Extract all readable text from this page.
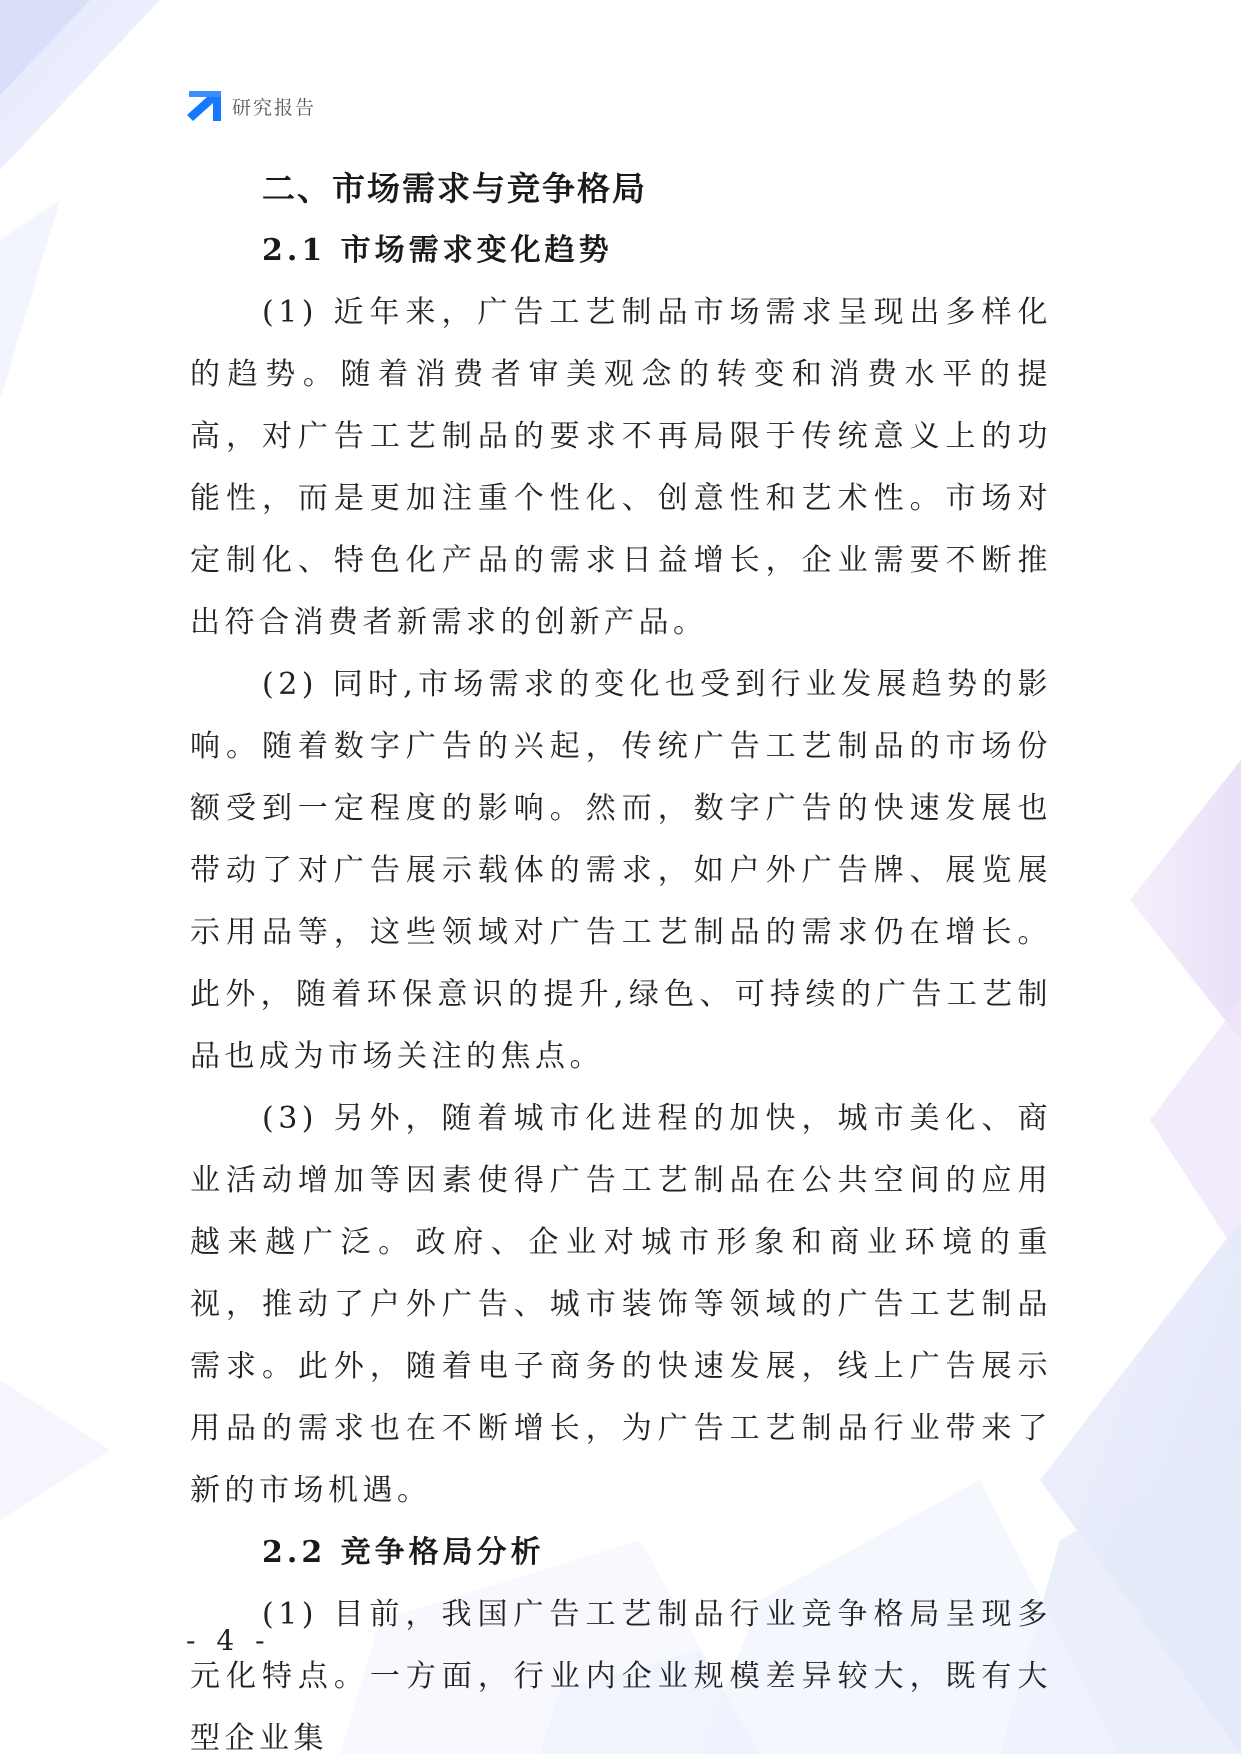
研究报告
二、市场需求与竞争格局
2.1 市场需求变化趋势

(1) 近年来，广告工艺制品市场需求呈现出多样化的趋势。随着消费者审美观念的转变和消费水平的提高，对广告工艺制品的要求不再局限于传统意义上的功能性，而是更加注重个性化、创意性和艺术性。市场对定制化、特色化产品的需求日益增长，企业需要不断推出符合消费者新需求的创新产品。

(2) 同时,市场需求的变化也受到行业发展趋势的影响。随着数字广告的兴起，传统广告工艺制品的市场份额受到一定程度的影响。然而，数字广告的快速发展也带动了对广告展示载体的需求，如户外广告牌、展览展示用品等，这些领域对广告工艺制品的需求仍在增长。此外，随着环保意识的提升,绿色、可持续的广告工艺制品也成为市场关注的焦点。

(3) 另外，随着城市化进程的加快，城市美化、商业活动增加等因素使得广告工艺制品在公共空间的应用越来越广泛。政府、企业对城市形象和商业环境的重视，推动了户外广告、城市装饰等领域的广告工艺制品需求。此外，随着电子商务的快速发展，线上广告展示用品的需求也在不断增长，为广告工艺制品行业带来了新的市场机遇。

2.2 竞争格局分析

(1) 目前，我国广告工艺制品行业竞争格局呈现多元化特点。一方面，行业内企业规模差异较大，既有大型企业集

- 4 -
